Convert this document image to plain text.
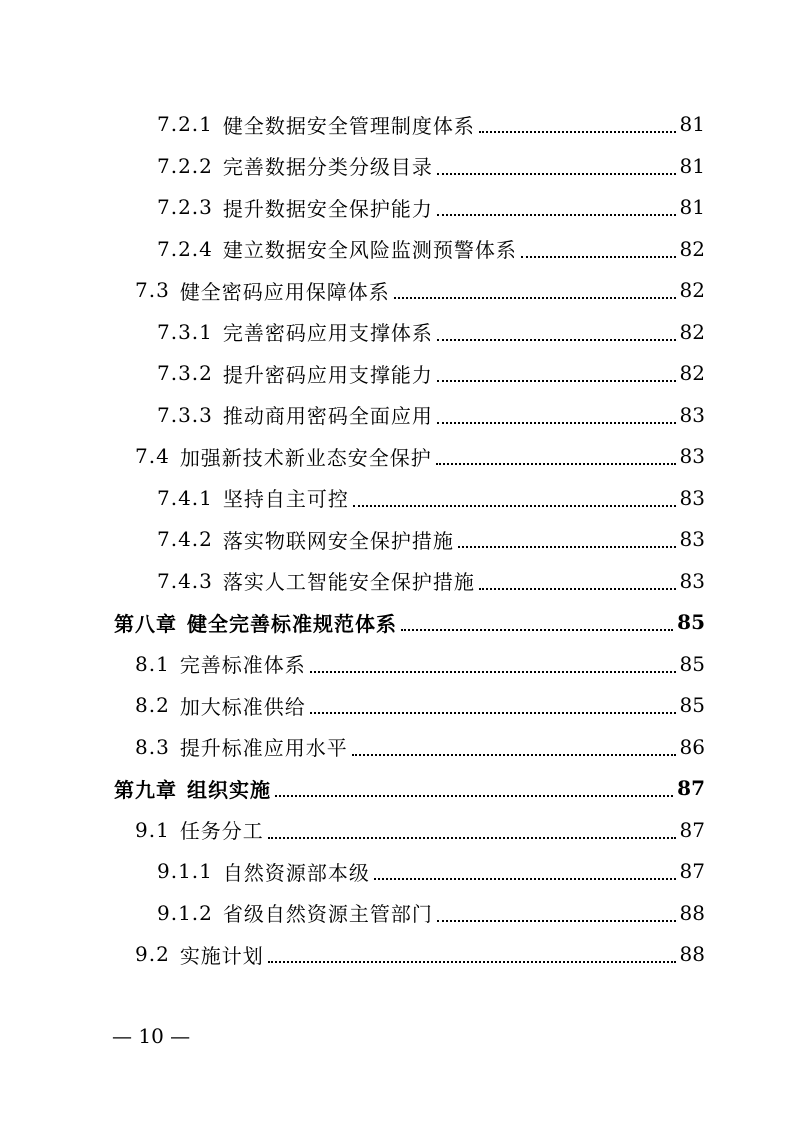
7.2.1 健全数据安全管理制度体系	81
7.2.2 完善数据分类分级目录	81
7.2.3 提升数据安全保护能力	81
7.2.4 建立数据安全风险监测预警体系	82
7.3 健全密码应用保障体系	82
7.3.1 完善密码应用支撑体系	82
7.3.2 提升密码应用支撑能力	82
7.3.3 推动商用密码全面应用	83
7.4 加强新技术新业态安全保护	83
7.4.1 坚持自主可控	83
7.4.2 落实物联网安全保护措施	83
7.4.3 落实人工智能安全保护措施	83
第八章 健全完善标准规范体系	85
8.1 完善标准体系	85
8.2 加大标准供给	85
8.3 提升标准应用水平	86
第九章 组织实施	87
9.1 任务分工	87
9.1.1 自然资源部本级	87
9.1.2 省级自然资源主管部门	88
9.2 实施计划	88
— 10 —
